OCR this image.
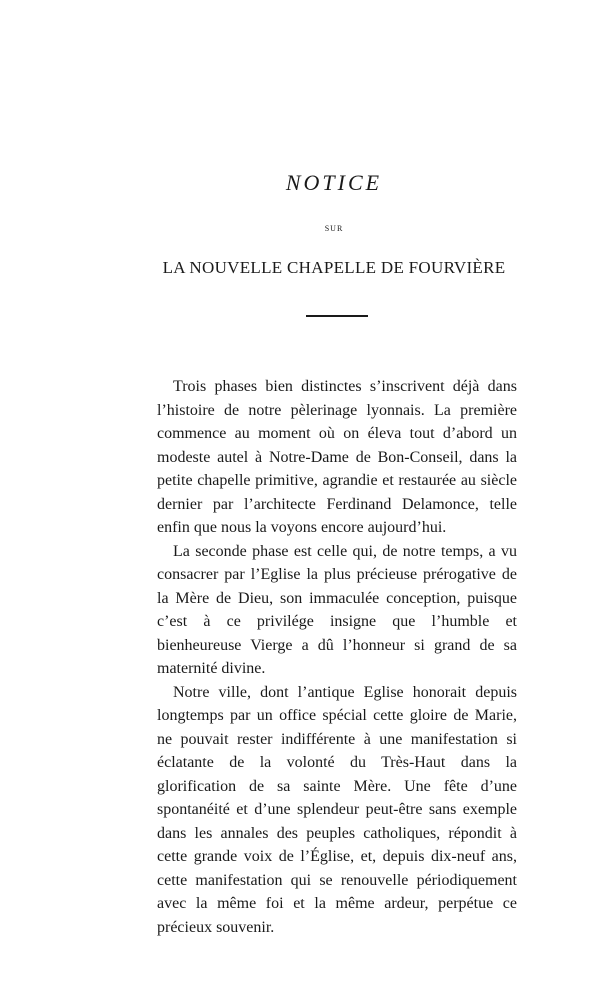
NOTICE
SUR
LA NOUVELLE CHAPELLE DE FOURVIÈRE

Trois phases bien distinctes s’inscrivent déjà dans l’histoire de notre pèlerinage lyonnais. La première commence au moment où on éleva tout d’abord un modeste autel à Notre-Dame de Bon-Conseil, dans la petite chapelle primitive, agrandie et restaurée au siècle dernier par l’architecte Ferdinand Delamonce, telle enfin que nous la voyons encore aujourd’hui.

La seconde phase est celle qui, de notre temps, a vu consacrer par l’Eglise la plus précieuse prérogative de la Mère de Dieu, son immaculée conception, puisque c’est à ce privilége insigne que l’humble et bienheureuse Vierge a dû l’honneur si grand de sa maternité divine.

Notre ville, dont l’antique Eglise honorait depuis longtemps par un office spécial cette gloire de Marie, ne pouvait rester indifférente à une manifestation si éclatante de la volonté du Très-Haut dans la glorification de sa sainte Mère. Une fête d’une spontanéité et d’une splendeur peut-être sans exemple dans les annales des peuples catholiques, répondit à cette grande voix de l’Église, et, depuis dix-neuf ans, cette manifestation qui se renouvelle périodiquement avec la même foi et la même ardeur, perpétue ce précieux souvenir.
